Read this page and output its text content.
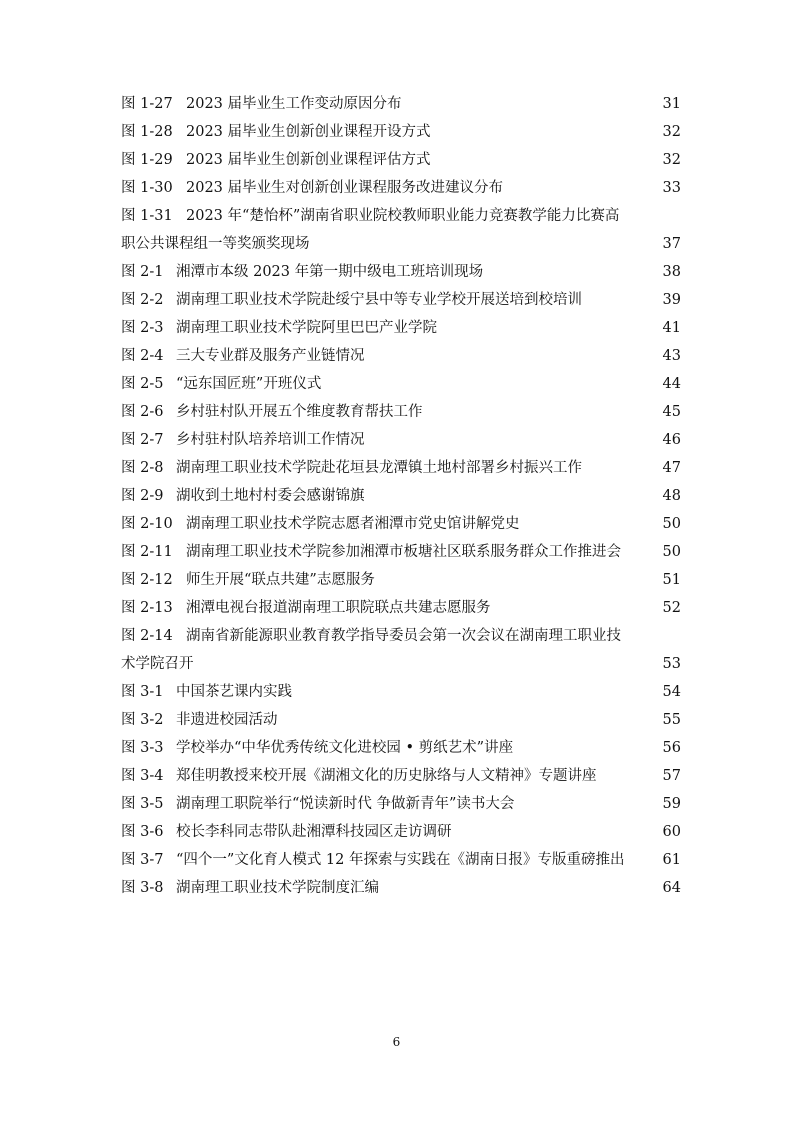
图 1-27 2023 届毕业生工作变动原因分布	31
图 1-28 2023 届毕业生创新创业课程开设方式	32
图 1-29 2023 届毕业生创新创业课程评估方式	32
图 1-30 2023 届毕业生对创新创业课程服务改进建议分布	33
图 1-31 2023 年“楚怡杯”湖南省职业院校教师职业能力竞赛教学能力比赛高
职公共课程组一等奖颁奖现场	37
图 2-1 湘潭市本级 2023 年第一期中级电工班培训现场	38
图 2-2 湖南理工职业技术学院赴绥宁县中等专业学校开展送培到校培训	39
图 2-3 湖南理工职业技术学院阿里巴巴产业学院	41
图 2-4 三大专业群及服务产业链情况	43
图 2-5 “远东国匠班”开班仪式	44
图 2-6 乡村驻村队开展五个维度教育帮扶工作	45
图 2-7 乡村驻村队培养培训工作情况	46
图 2-8 湖南理工职业技术学院赴花垣县龙潭镇土地村部署乡村振兴工作	47
图 2-9 湖收到土地村村委会感谢锦旗	48
图 2-10 湖南理工职业技术学院志愿者湘潭市党史馆讲解党史	50
图 2-11 湖南理工职业技术学院参加湘潭市板塘社区联系服务群众工作推进会	50
图 2-12 师生开展“联点共建”志愿服务	51
图 2-13 湘潭电视台报道湖南理工职院联点共建志愿服务	52
图 2-14 湖南省新能源职业教育教学指导委员会第一次会议在湖南理工职业技
术学院召开	53
图 3-1 中国茶艺课内实践	54
图 3-2 非遗进校园活动	55
图 3-3 学校举办“中华优秀传统文化进校园 • 剪纸艺术”讲座	56
图 3-4 郑佳明教授来校开展《湖湘文化的历史脉络与人文精神》专题讲座	57
图 3-5 湖南理工职院举行“悦读新时代 争做新青年”读书大会	59
图 3-6 校长李科同志带队赴湘潭科技园区走访调研	60
图 3-7 “四个一”文化育人模式 12 年探索与实践在《湖南日报》专版重磅推出	61
图 3-8 湖南理工职业技术学院制度汇编	64
6
